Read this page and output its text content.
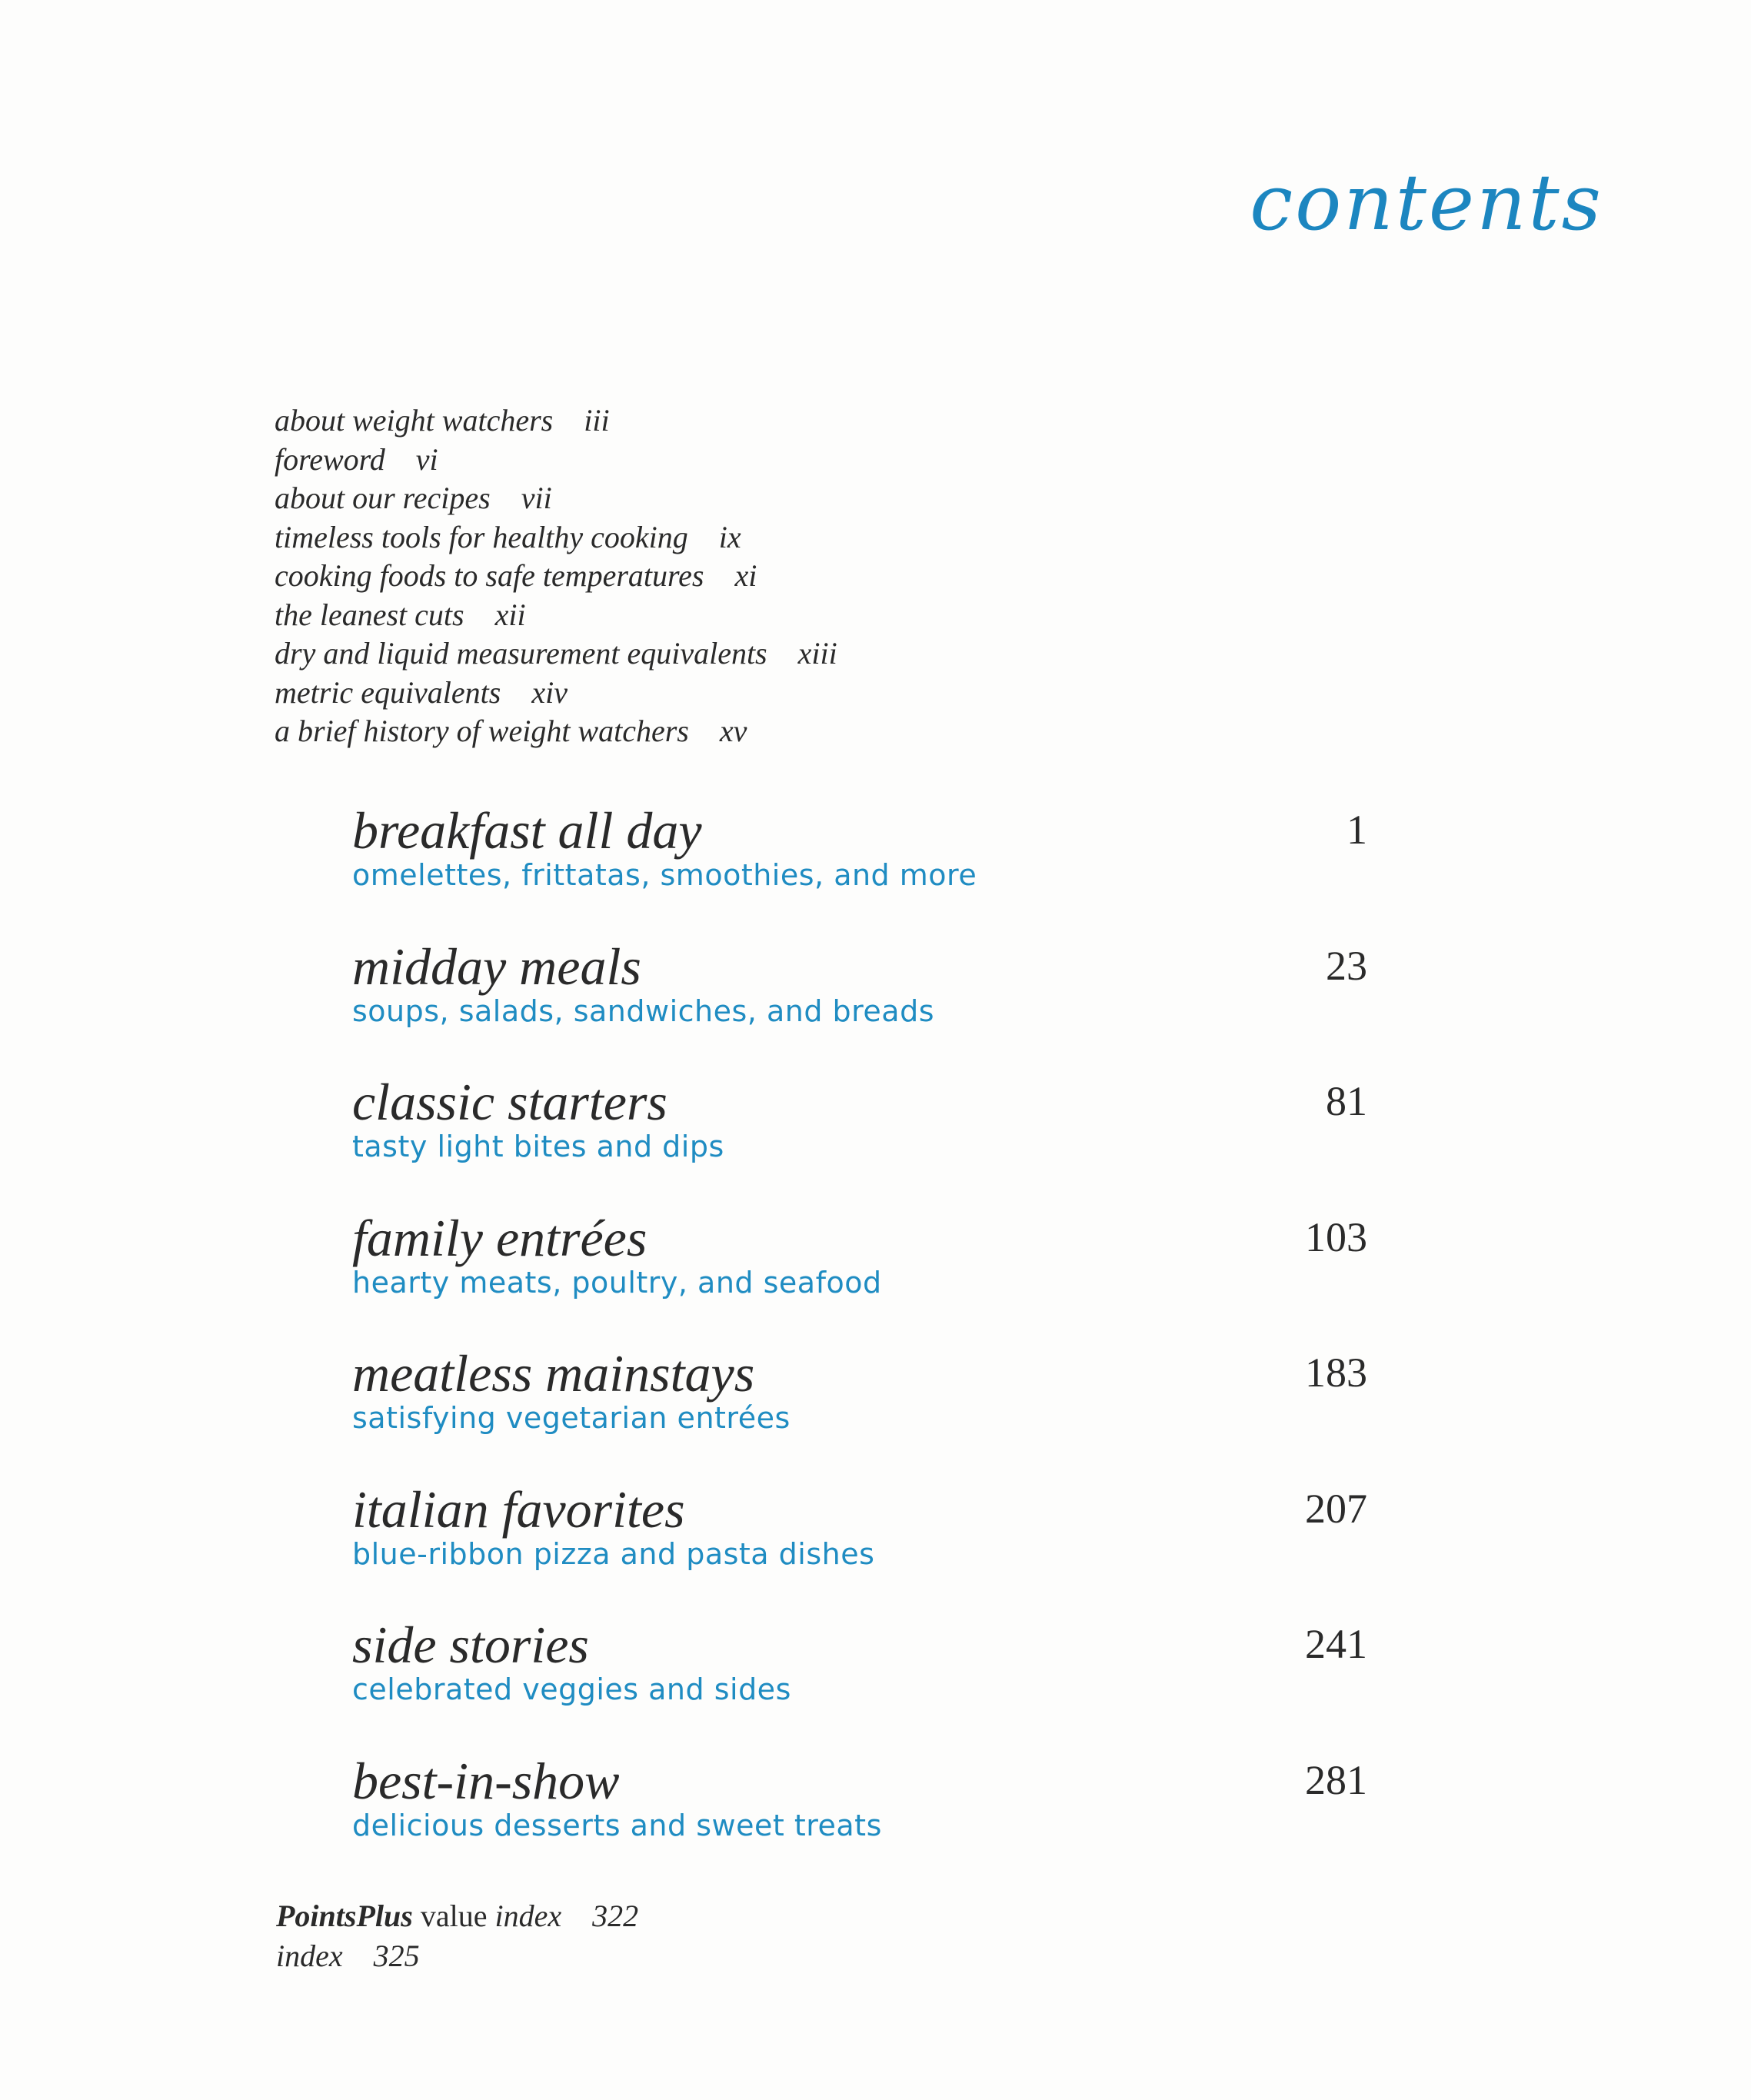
contents
about weight watchers iii
foreword vi
about our recipes vii
timeless tools for healthy cooking ix
cooking foods to safe temperatures xi
the leanest cuts xii
dry and liquid measurement equivalents xiii
metric equivalents xiv
a brief history of weight watchers xv
breakfast all day
omelettes, frittatas, smoothies, and more
1
midday meals
soups, salads, sandwiches, and breads
23
classic starters
tasty light bites and dips
81
family entrées
hearty meats, poultry, and seafood
103
meatless mainstays
satisfying vegetarian entrées
183
italian favorites
blue-ribbon pizza and pasta dishes
207
side stories
celebrated veggies and sides
241
best-in-show
delicious desserts and sweet treats
281
PointsPlus value index 322
index 325
